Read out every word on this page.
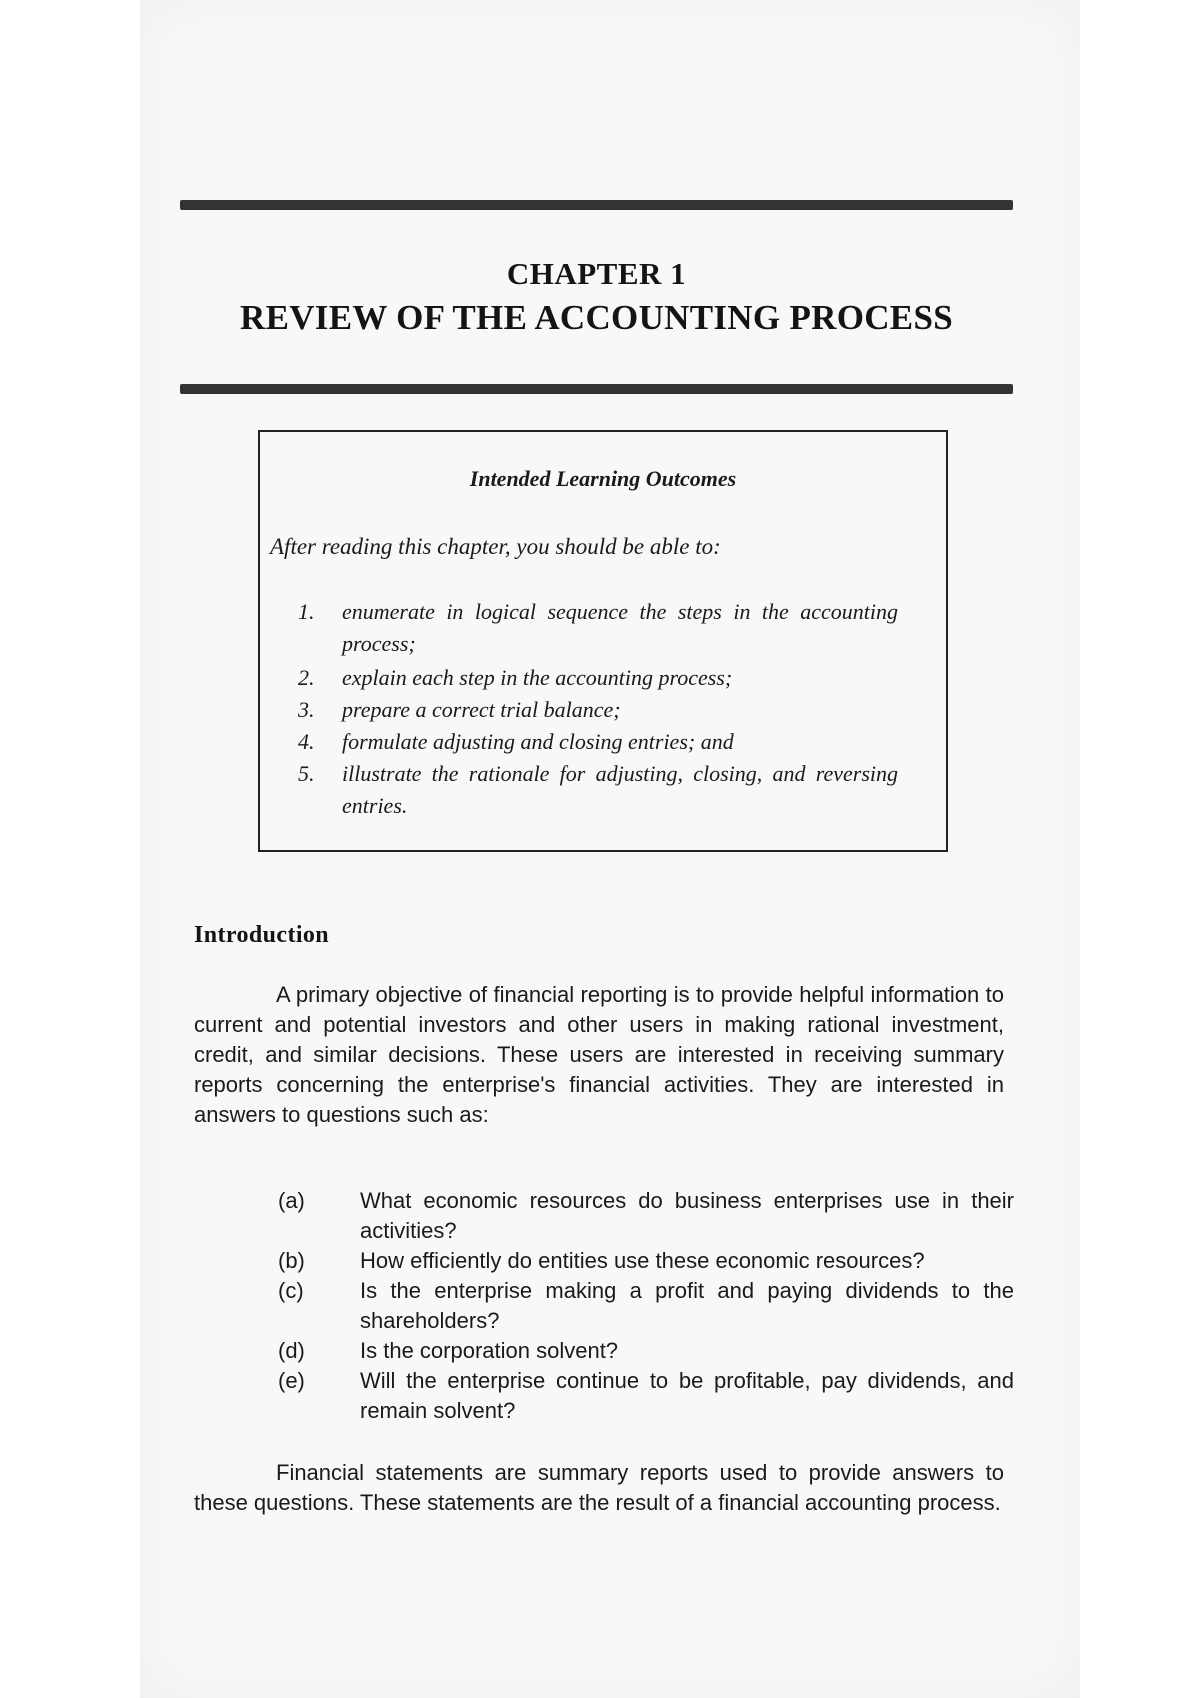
CHAPTER 1
REVIEW OF THE ACCOUNTING PROCESS
Intended Learning Outcomes
After reading this chapter, you should be able to:
1.	enumerate in logical sequence the steps in the accounting process;
2.	explain each step in the accounting process;
3.	prepare a correct trial balance;
4.	formulate adjusting and closing entries; and
5.	illustrate the rationale for adjusting, closing, and reversing entries.
Introduction

A primary objective of financial reporting is to provide helpful information to current and potential investors and other users in making rational investment, credit, and similar decisions. These users are interested in receiving summary reports concerning the enterprise's financial activities. They are interested in answers to questions such as:

(a)	What economic resources do business enterprises use in their activities?
(b)	How efficiently do entities use these economic resources?
(c)	Is the enterprise making a profit and paying dividends to the shareholders?
(d)	Is the corporation solvent?
(e)	Will the enterprise continue to be profitable, pay dividends, and remain solvent?

Financial statements are summary reports used to provide answers to these questions. These statements are the result of a financial accounting process.
